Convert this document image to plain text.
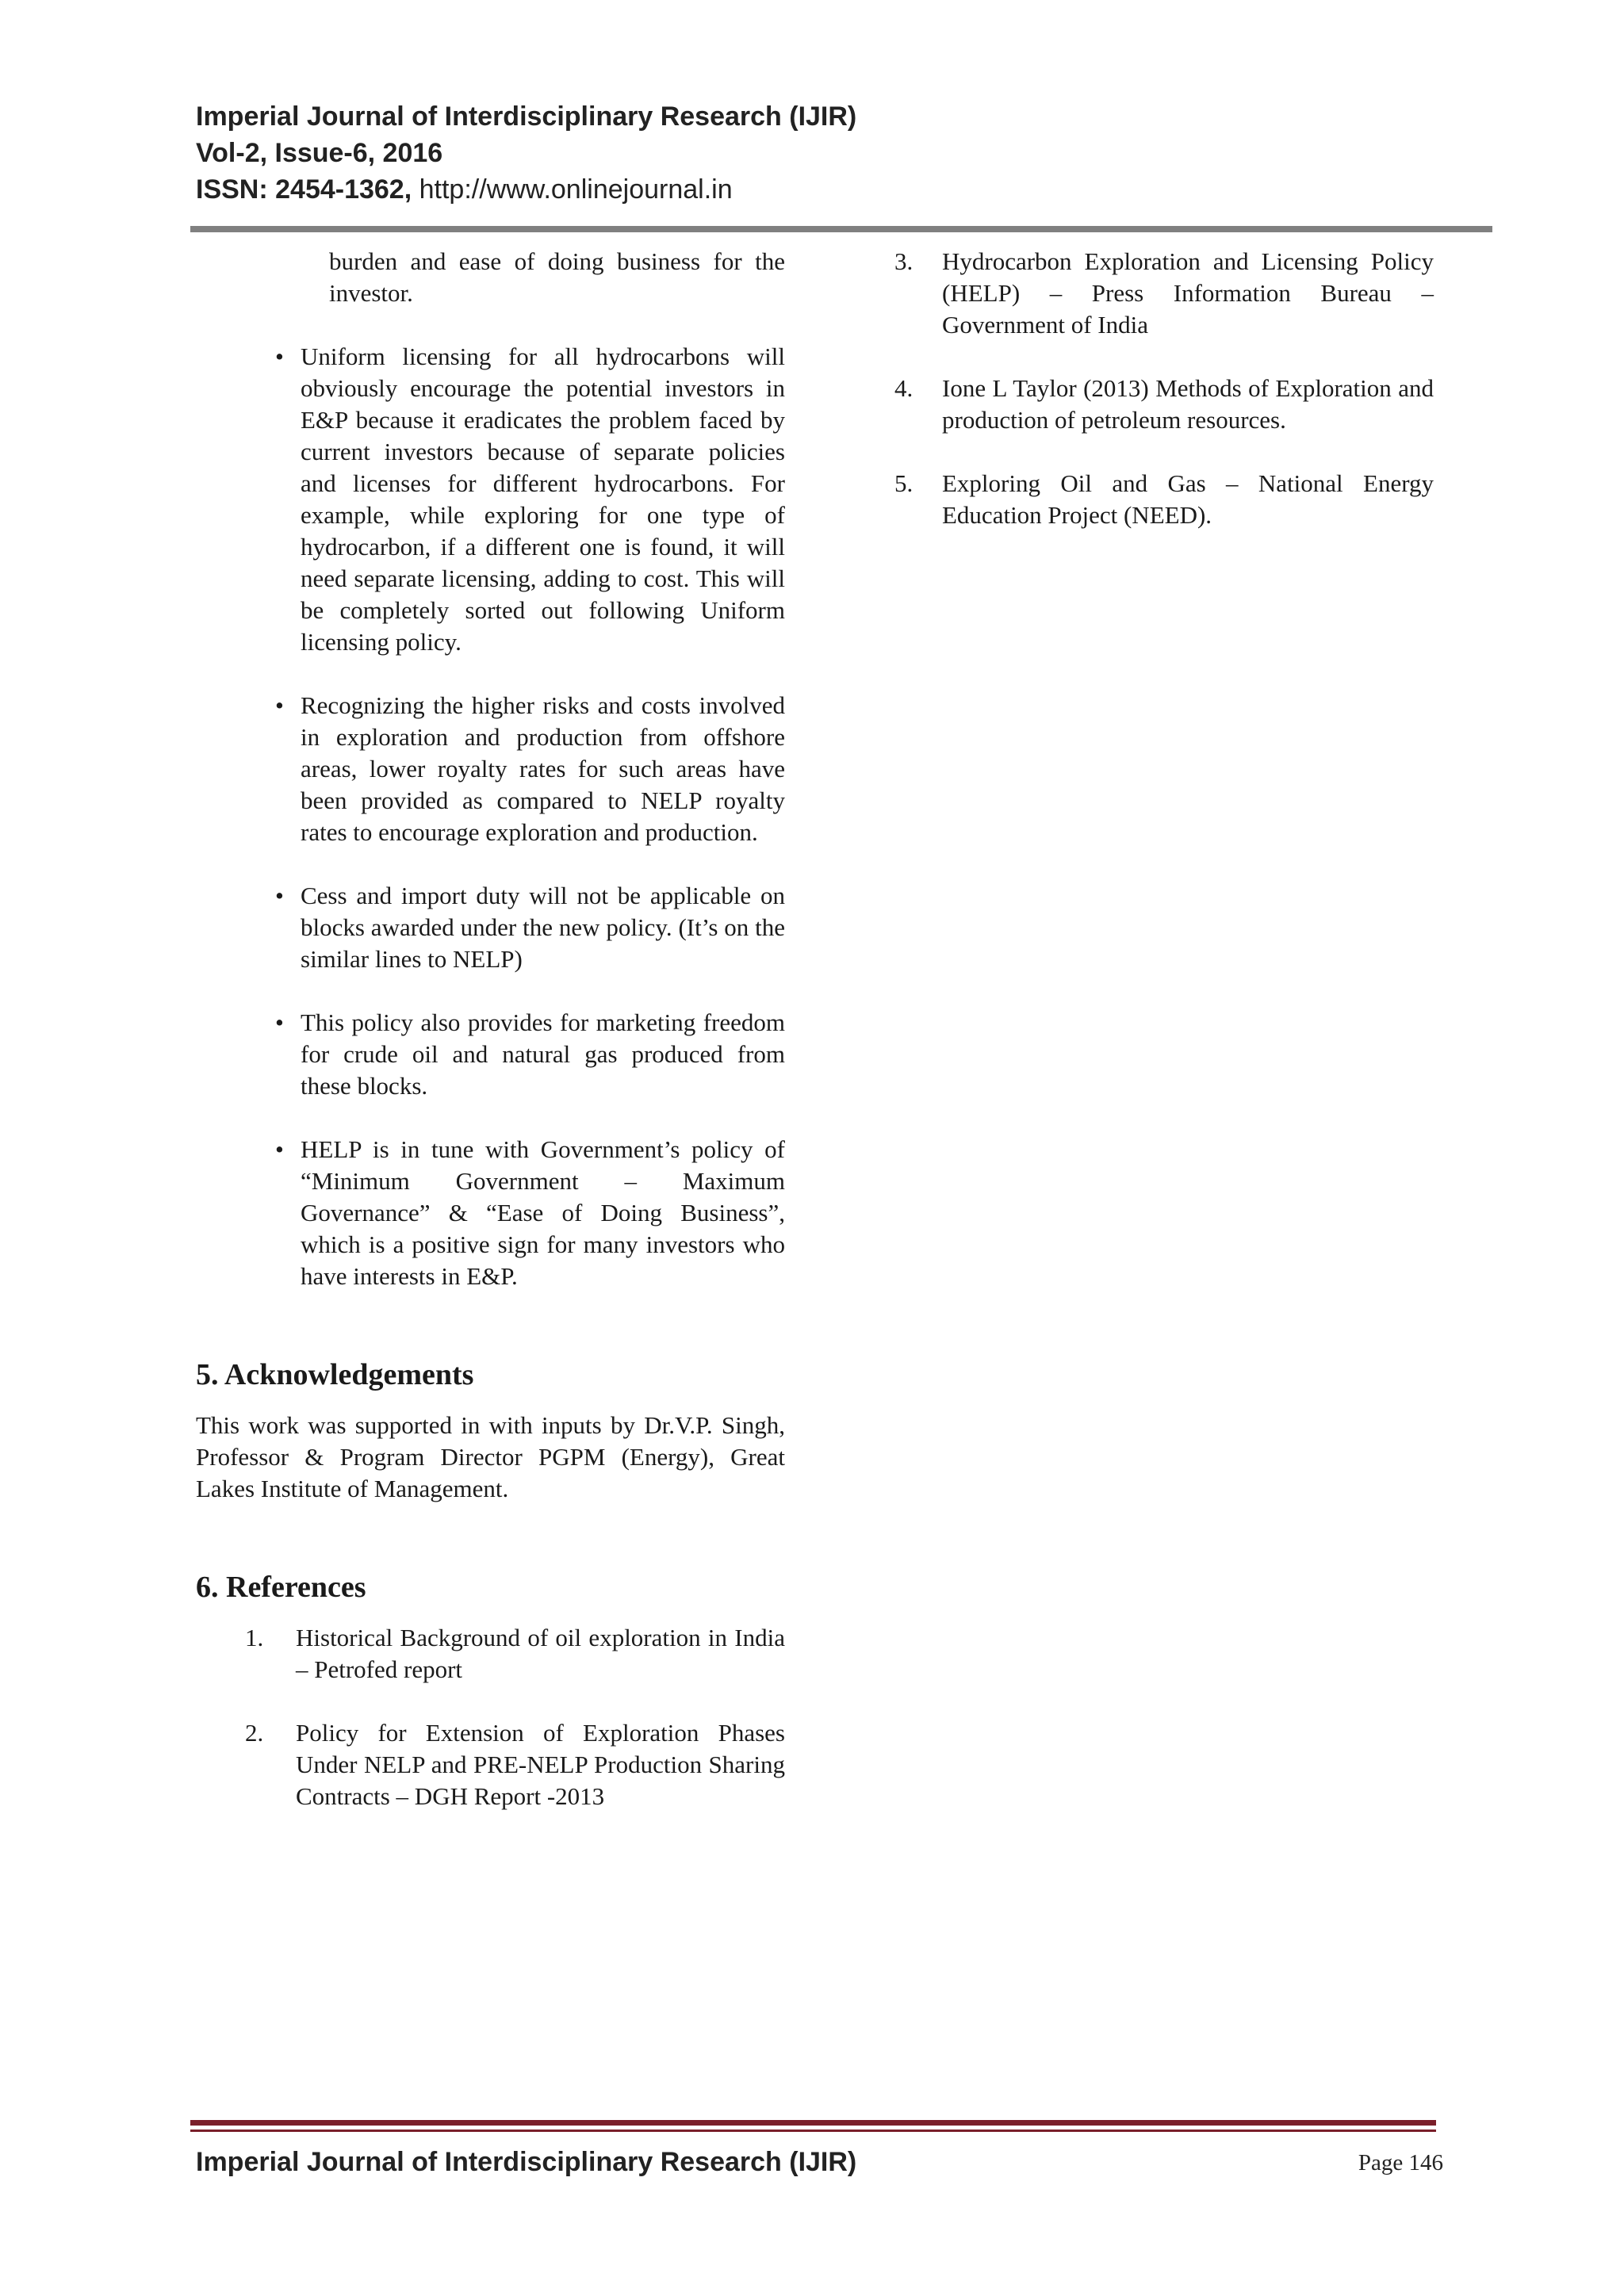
Imperial Journal of Interdisciplinary Research (IJIR)
Vol-2, Issue-6, 2016
ISSN: 2454-1362, http://www.onlinejournal.in
burden and ease of doing business for the investor.
• Uniform licensing for all hydrocarbons will obviously encourage the potential investors in E&P because it eradicates the problem faced by current investors because of separate policies and licenses for different hydrocarbons. For example, while exploring for one type of hydrocarbon, if a different one is found, it will need separate licensing, adding to cost. This will be completely sorted out following Uniform licensing policy.
• Recognizing the higher risks and costs involved in exploration and production from offshore areas, lower royalty rates for such areas have been provided as compared to NELP royalty rates to encourage exploration and production.
• Cess and import duty will not be applicable on blocks awarded under the new policy. (It’s on the similar lines to NELP)
• This policy also provides for marketing freedom for crude oil and natural gas produced from these blocks.
• HELP is in tune with Government’s policy of “Minimum Government – Maximum Governance” & “Ease of Doing Business”, which is a positive sign for many investors who have interests in E&P.
5. Acknowledgements
This work was supported in with inputs by Dr.V.P. Singh, Professor & Program Director PGPM (Energy), Great Lakes Institute of Management.
6. References
1. Historical Background of oil exploration in India – Petrofed report
2. Policy for Extension of Exploration Phases Under NELP and PRE-NELP Production Sharing Contracts – DGH Report -2013
3. Hydrocarbon Exploration and Licensing Policy (HELP) – Press Information Bureau – Government of India
4. Ione L Taylor (2013) Methods of Exploration and production of petroleum resources.
5. Exploring Oil and Gas – National Energy Education Project (NEED).
Imperial Journal of Interdisciplinary Research (IJIR)	Page 146
